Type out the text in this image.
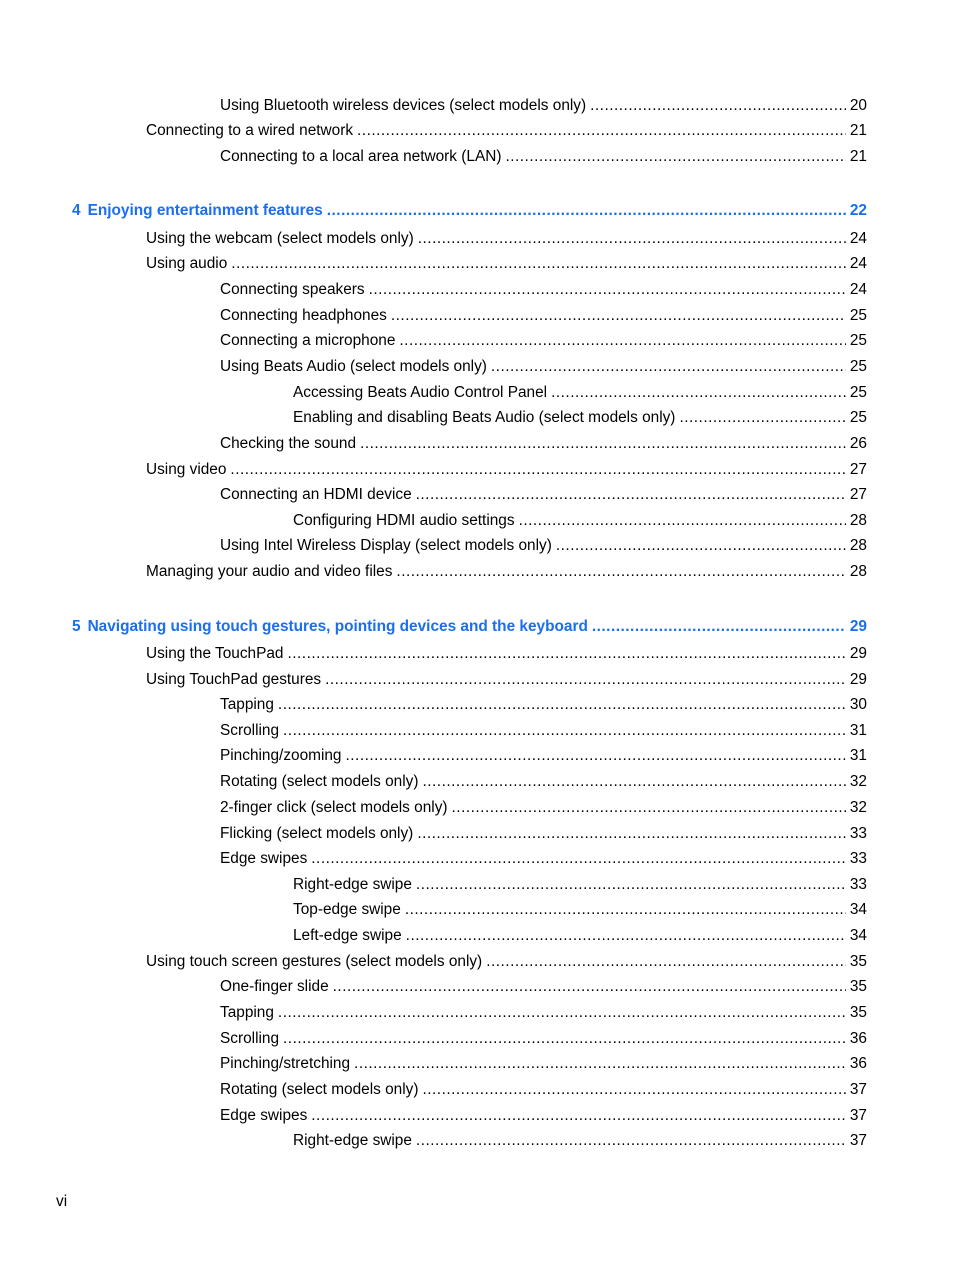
Using Bluetooth wireless devices (select models only) .....	20
Connecting to a wired network .....	21
Connecting to a local area network (LAN) .....	21
4 Enjoying entertainment features .....	22
Using the webcam (select models only) .....	24
Using audio .....	24
Connecting speakers .....	24
Connecting headphones .....	25
Connecting a microphone .....	25
Using Beats Audio (select models only) .....	25
Accessing Beats Audio Control Panel .....	25
Enabling and disabling Beats Audio (select models only) .....	25
Checking the sound .....	26
Using video .....	27
Connecting an HDMI device .....	27
Configuring HDMI audio settings .....	28
Using Intel Wireless Display (select models only) .....	28
Managing your audio and video files .....	28
5 Navigating using touch gestures, pointing devices and the keyboard .....	29
Using the TouchPad .....	29
Using TouchPad gestures .....	29
Tapping .....	30
Scrolling .....	31
Pinching/zooming .....	31
Rotating (select models only) .....	32
2-finger click (select models only) .....	32
Flicking (select models only) .....	33
Edge swipes .....	33
Right-edge swipe .....	33
Top-edge swipe .....	34
Left-edge swipe .....	34
Using touch screen gestures (select models only) .....	35
One-finger slide .....	35
Tapping .....	35
Scrolling .....	36
Pinching/stretching .....	36
Rotating (select models only) .....	37
Edge swipes .....	37
Right-edge swipe .....	37
vi
